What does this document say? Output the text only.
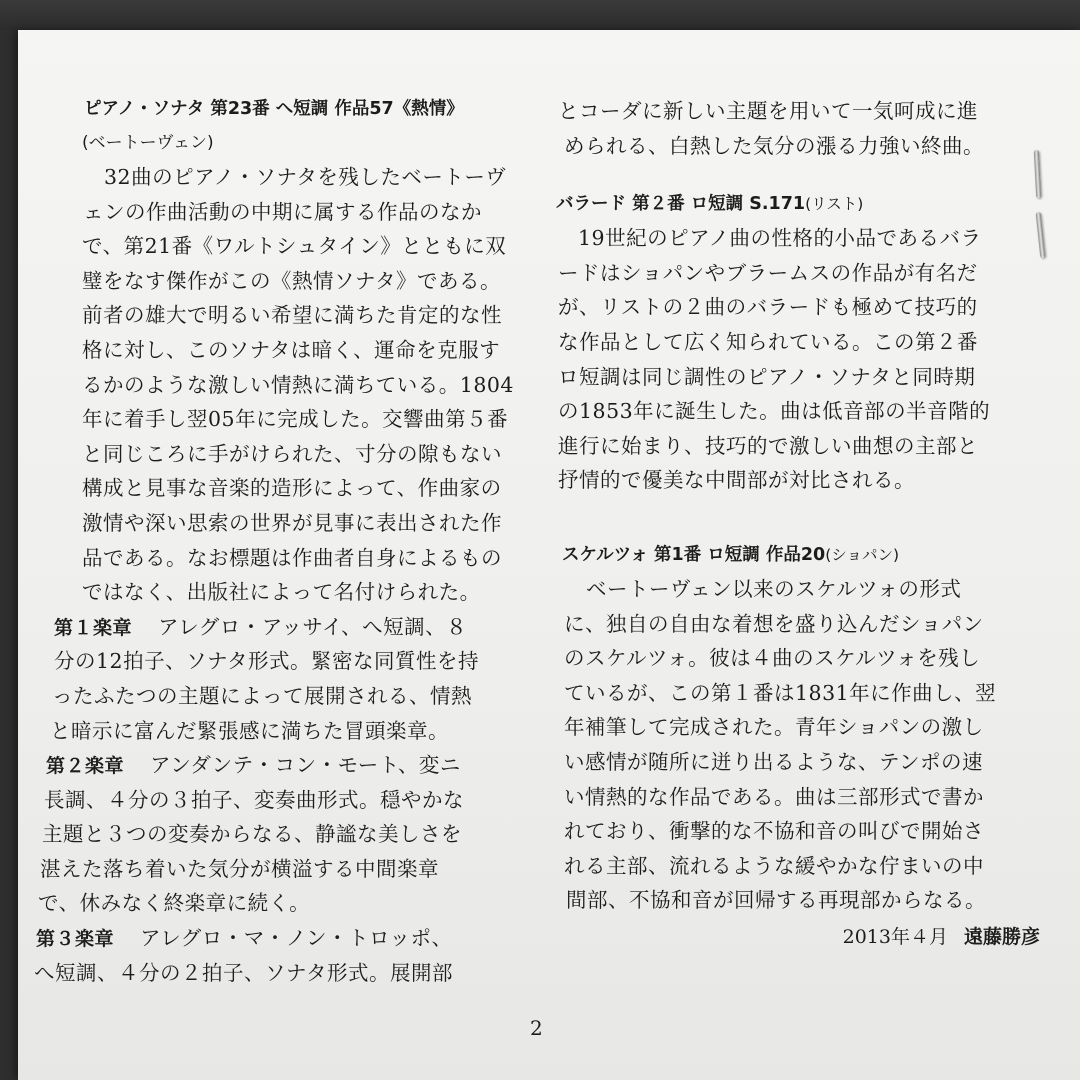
ピアノ・ソナタ 第23番 へ短調 作品57《熱情》
(ベートーヴェン)
32曲のピアノ・ソナタを残したベートーヴ
ェンの作曲活動の中期に属する作品のなか
で、第21番《ワルトシュタイン》とともに双
璧をなす傑作がこの《熱情ソナタ》である。
前者の雄大で明るい希望に満ちた肯定的な性
格に対し、このソナタは暗く、運命を克服す
るかのような激しい情熱に満ちている。1804
年に着手し翌05年に完成した。交響曲第５番
と同じころに手がけられた、寸分の隙もない
構成と見事な音楽的造形によって、作曲家の
激情や深い思索の世界が見事に表出された作
品である。なお標題は作曲者自身によるもの
ではなく、出版社によって名付けられた。
第１楽章 アレグロ・アッサイ、へ短調、８
分の12拍子、ソナタ形式。緊密な同質性を持
ったふたつの主題によって展開される、情熱
と暗示に富んだ緊張感に満ちた冒頭楽章。
第２楽章 アンダンテ・コン・モート、変ニ
長調、４分の３拍子、変奏曲形式。穏やかな
主題と３つの変奏からなる、静謐な美しさを
湛えた落ち着いた気分が横溢する中間楽章
で、休みなく終楽章に続く。
第３楽章 アレグロ・マ・ノン・トロッポ、
へ短調、４分の２拍子、ソナタ形式。展開部
とコーダに新しい主題を用いて一気呵成に進
められる、白熱した気分の漲る力強い終曲。
バラード 第２番 ロ短調 S.171(リスト)
19世紀のピアノ曲の性格的小品であるバラ
ードはショパンやブラームスの作品が有名だ
が、リストの２曲のバラードも極めて技巧的
な作品として広く知られている。この第２番
ロ短調は同じ調性のピアノ・ソナタと同時期
の1853年に誕生した。曲は低音部の半音階的
進行に始まり、技巧的で激しい曲想の主部と
抒情的で優美な中間部が対比される。
スケルツォ 第1番 ロ短調 作品20(ショパン)
ベートーヴェン以来のスケルツォの形式
に、独自の自由な着想を盛り込んだショパン
のスケルツォ。彼は４曲のスケルツォを残し
ているが、この第１番は1831年に作曲し、翌
年補筆して完成された。青年ショパンの激し
い感情が随所に迸り出るような、テンポの速
い情熱的な作品である。曲は三部形式で書か
れており、衝撃的な不協和音の叫びで開始さ
れる主部、流れるような緩やかな佇まいの中
間部、不協和音が回帰する再現部からなる。
2013年４月 遠藤勝彦
2
